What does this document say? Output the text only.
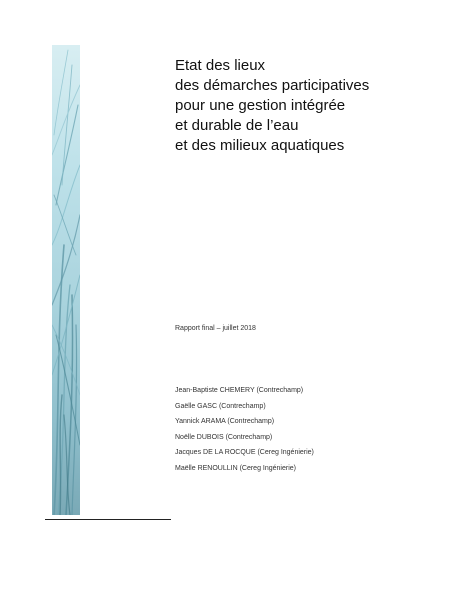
Etat des lieux
des démarches participatives
pour une gestion intégrée
et durable de l’eau
et des milieux aquatiques
Rapport final – juillet 2018
Jean-Baptiste CHEMERY (Contrechamp)
Gaëlle GASC (Contrechamp)
Yannick ARAMA (Contrechamp)
Noëlle DUBOIS (Contrechamp)
Jacques DE LA ROCQUE (Cereg Ingénierie)
Maëlle RENOULLIN (Cereg Ingénierie)
